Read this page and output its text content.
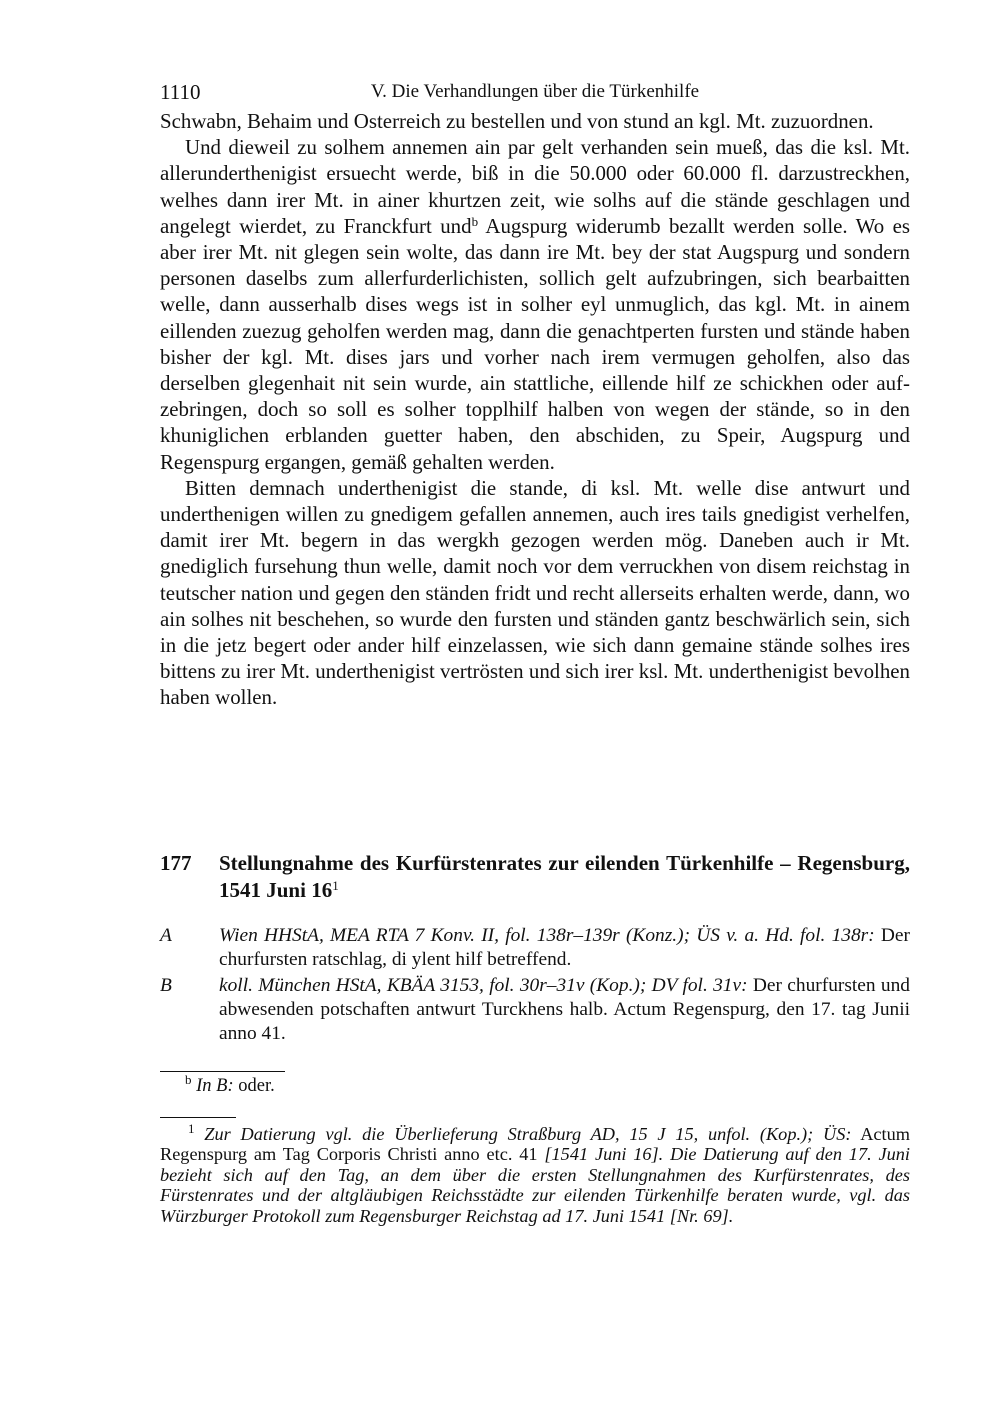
1110	V. Die Verhandlungen über die Türkenhilfe

Schwabn, Behaim und Osterreich zu bestellen und von stund an kgl. Mt. zuzuordnen.

Und dieweil zu solhem annemen ain par gelt verhanden sein mueß, das die ksl. Mt. allerunderthenigist ersuecht werde, biß in die 50.000 oder 60.000 fl. darzustreckhen, welhes dann irer Mt. in ainer khurtzen zeit, wie solhs auf die stände geschlagen und angelegt wierdet, zu Franckfurt und$^b$ Augspurg widerumb bezallt werden solle. Wo es aber irer Mt. nit glegen sein wolte, das dann ire Mt. bey der stat Augspurg und sondern personen daselbs zum allerfurderlichisten, sollich gelt aufzubringen, sich bearbaitten welle, dann ausserhalb dises wegs ist in solher eyl unmuglich, das kgl. Mt. in ainem eillenden zuezug geholfen werden mag, dann die genachtperten fursten und stände haben bisher der kgl. Mt. dises jars und vorher nach irem vermugen geholfen, also das derselben glegenhait nit sein wurde, ain stattliche, eillende hilf ze schickhen oder aufzebringen, doch so soll es solher topplhilf halben von wegen der stände, so in den khuniglichen erblanden guetter haben, den abschiden, zu Speir, Augspurg und Regenspurg ergangen, gemäß gehalten werden.

Bitten demnach underthenigist die stande, di ksl. Mt. welle dise antwurt und underthenigen willen zu gnedigem gefallen annemen, auch ires tails gnedigist verhelfen, damit irer Mt. begern in das wergkh gezogen werden mög. Daneben auch ir Mt. gnediglich fursehung thun welle, damit noch vor dem verruckhen von disem reichstag in teutscher nation und gegen den ständen fridt und recht allerseits erhalten werde, dann, wo ain solhes nit beschehen, so wurde den fursten und ständen gantz beschwärlich sein, sich in die jetz begert oder ander hilf einzelassen, wie sich dann gemaine stände solhes ires bittens zu irer Mt. underthenigist vertrösten und sich irer ksl. Mt. underthenigist bevolhen haben wollen.

177 Stellungnahme des Kurfürstenrates zur eilenden Türkenhilfe – Regensburg, 1541 Juni $16^1$
A Wien HHStA, MEA RTA 7 Konv. II, fol. 138r–139r (Konz.); ÜS v. a. Hd. fol. 138r: Der churfursten ratschlag, di ylent hilf betreffend.
B koll. München HStA, KBÄA 3153, fol. 30r–31v (Kop.); DV fol. 31v: Der churfursten und abwesenden potschaften antwurt Turckhens halb. Actum Regenspurg, den 17. tag Junii anno 41.
$^b$ In B: oder.
$^1$ Zur Datierung vgl. die Überlieferung Straßburg AD, 15 J 15, unfol. (Kop.); ÜS: Actum Regenspurg am Tag Corporis Christi anno etc. 41 [1541 Juni 16]. Die Datierung auf den 17. Juni bezieht sich auf den Tag, an dem über die ersten Stellungnahmen des Kurfürstenrates, des Fürstenrates und der altgläubigen Reichsstädte zur eilenden Türkenhilfe beraten wurde, vgl. das Würzburger Protokoll zum Regensburger Reichstag ad 17. Juni 1541 [Nr. 69].
